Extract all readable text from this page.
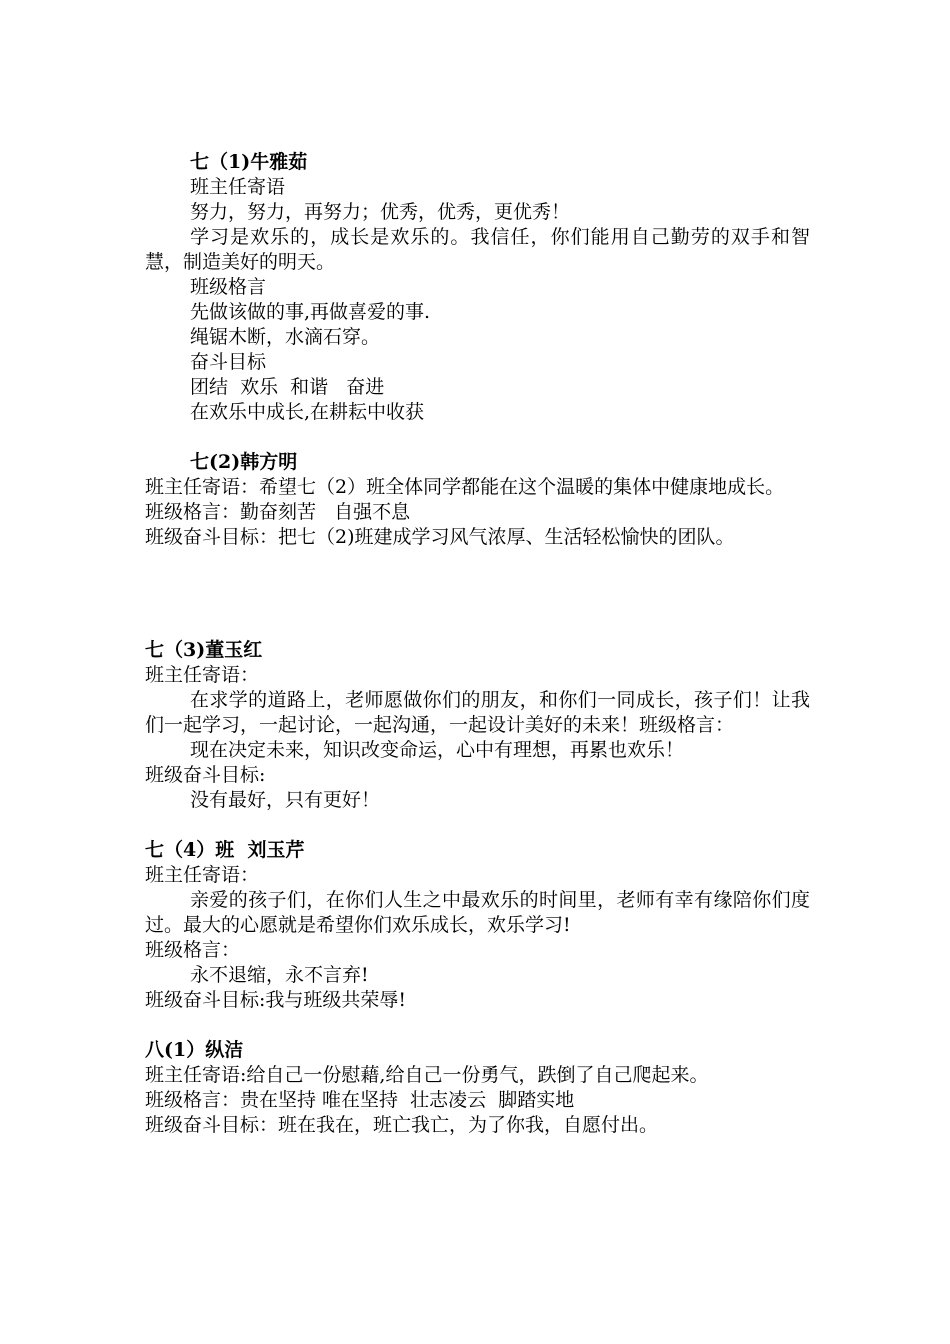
七（1)牛雅茹
班主任寄语
努力，努力，再努力；优秀，优秀，更优秀！
学习是欢乐的，成长是欢乐的。我信任，你们能用自己勤劳的双手和智慧，制造美好的明天。
班级格言
先做该做的事,再做喜爱的事.
绳锯木断，水滴石穿。
奋斗目标
团结  欢乐  和谐   奋进
在欢乐中成长,在耕耘中收获
七(2)韩方明
班主任寄语：希望七（2）班全体同学都能在这个温暖的集体中健康地成长。
班级格言：勤奋刻苦   自强不息
班级奋斗目标：把七（2)班建成学习风气浓厚、生活轻松愉快的团队。
七（3)董玉红
班主任寄语：
在求学的道路上，老师愿做你们的朋友，和你们一同成长，孩子们！让我们一起学习，一起讨论，一起沟通，一起设计美好的未来！班级格言：
现在决定未来，知识改变命运，心中有理想，再累也欢乐！
班级奋斗目标:
没有最好，只有更好！
七（4）班  刘玉芹
班主任寄语：
亲爱的孩子们，在你们人生之中最欢乐的时间里，老师有幸有缘陪你们度过。最大的心愿就是希望你们欢乐成长，欢乐学习!
班级格言：
永不退缩，永不言弃!
班级奋斗目标:我与班级共荣辱!
八(1）纵洁
班主任寄语:给自己一份慰藉,给自己一份勇气，跌倒了自己爬起来。
班级格言：贵在坚持 唯在坚持  壮志凌云  脚踏实地
班级奋斗目标：班在我在，班亡我亡，为了你我，自愿付出。
